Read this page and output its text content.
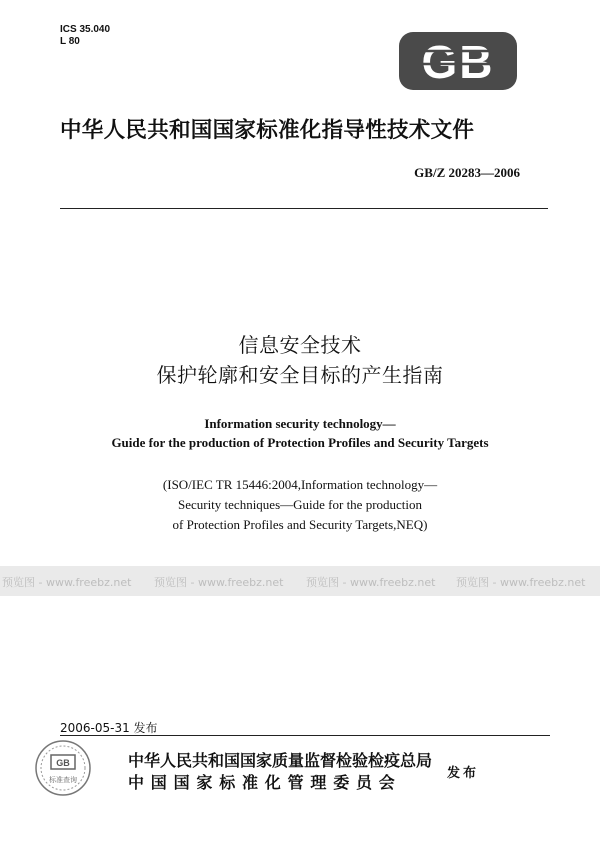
ICS 35.040
L 80	GB
中华人民共和国国家标准化指导性技术文件
GB/Z 20283—2006
信息安全技术
保护轮廓和安全目标的产生指南
Information security technology—
Guide for the production of Protection Profiles and Security Targets
(ISO/IEC TR 15446:2004,Information technology—
Security techniques—Guide for the production
of Protection Profiles and Security Targets,NEQ)
预览图 - www.freebz.net 预览图 - www.freebz.net 预览图 - www.freebz.net 预览图 - www.freebz.net
2006-05-31 发布
GB
标准查询
中华人民共和国国家质量监督检验检疫总局
中国国家标准化管理委员会	发布
